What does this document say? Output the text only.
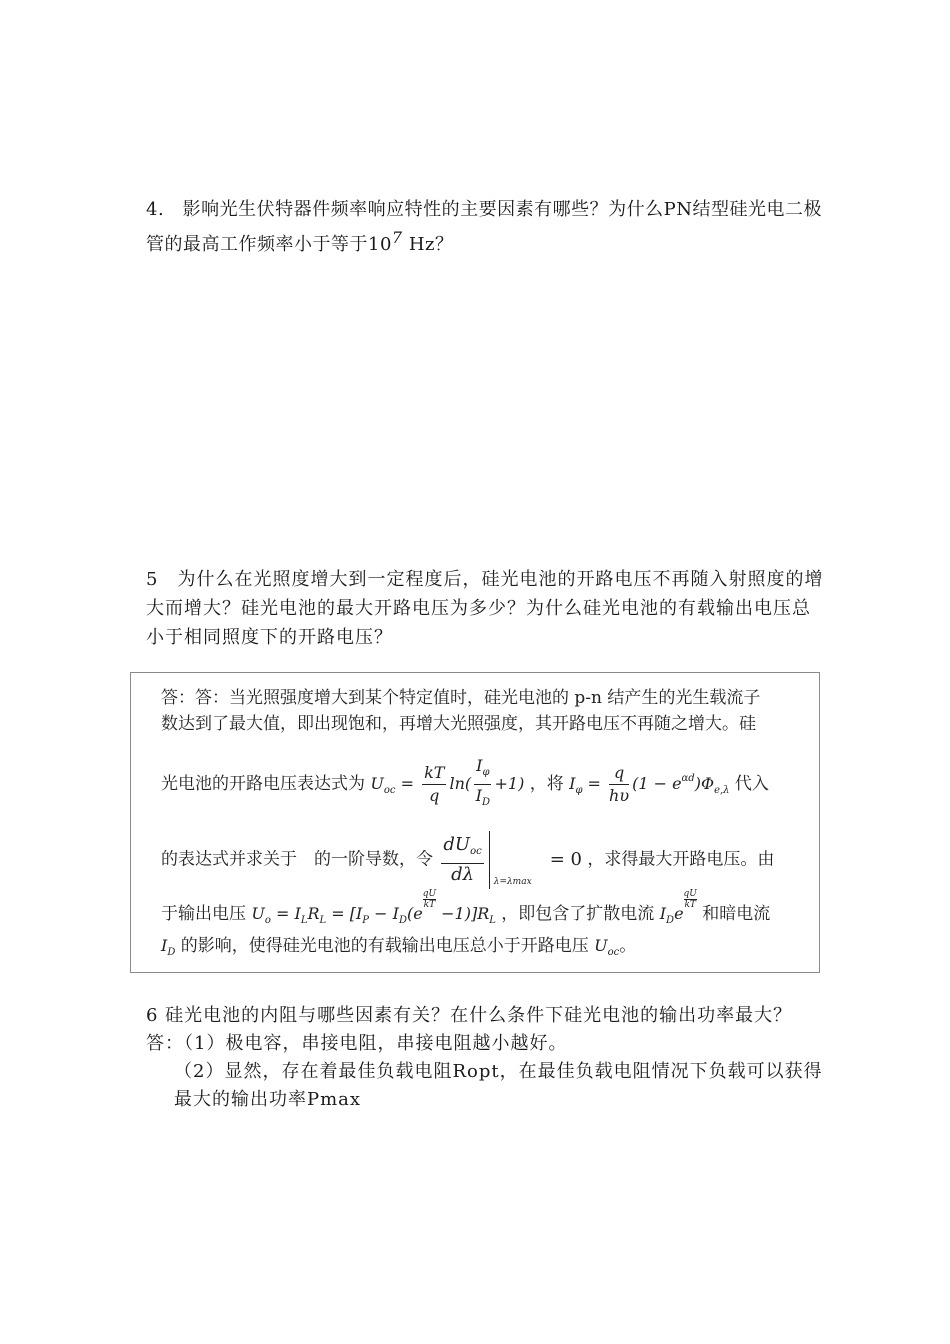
4.　影响光生伏特器件频率响应特性的主要因素有哪些？为什么PN结型硅光电二极管的最高工作频率小于等于$10^7$ Hz？
5　为什么在光照度增大到一定程度后，硅光电池的开路电压不再随入射照度的增大而增大？硅光电池的最大开路电压为多少？为什么硅光电池的有载输出电压总小于相同照度下的开路电压？
答：答：当光照强度增大到某个特定值时，硅光电池的 p-n 结产生的光生载流子
数达到了最大值，即出现饱和，再增大光照强度，其开路电压不再随之增大。硅
光电池的开路电压表达式为 $U_{oc} = \frac{kT}{q} \ln( \frac{I_\varphi}{I_D} +1)$ ，将 $I_\varphi = \frac{q}{h\upsilon} (1 - e^{\alpha d})\Phi_{e,\lambda}$ 代入
的表达式并求关于　的一阶导数，令 $\frac{dU_{oc}}{d\lambda} \lambda=\lambda\max$
= 0 ，求得最大开路电压。由
于输出电压 $U_o = I_LR_L = [I_P - I_D(e$
$\frac{qU}{kT} -1)]R_L$ ，即包含了扩散电流 $I_De$
$\frac{qU}{kT}$ 和暗电流
$I_D$ 的影响，使得硅光电池的有载输出电压总小于开路电压 $U_{oc}$。
6 硅光电池的内阻与哪些因素有关？在什么条件下硅光电池的输出功率最大？
答：（1）极电容，串接电阻，串接电阻越小越好。
（2）显然，存在着最佳负载电阻Ropt，在最佳负载电阻情况下负载可以获得最大的输出功率Pmax
